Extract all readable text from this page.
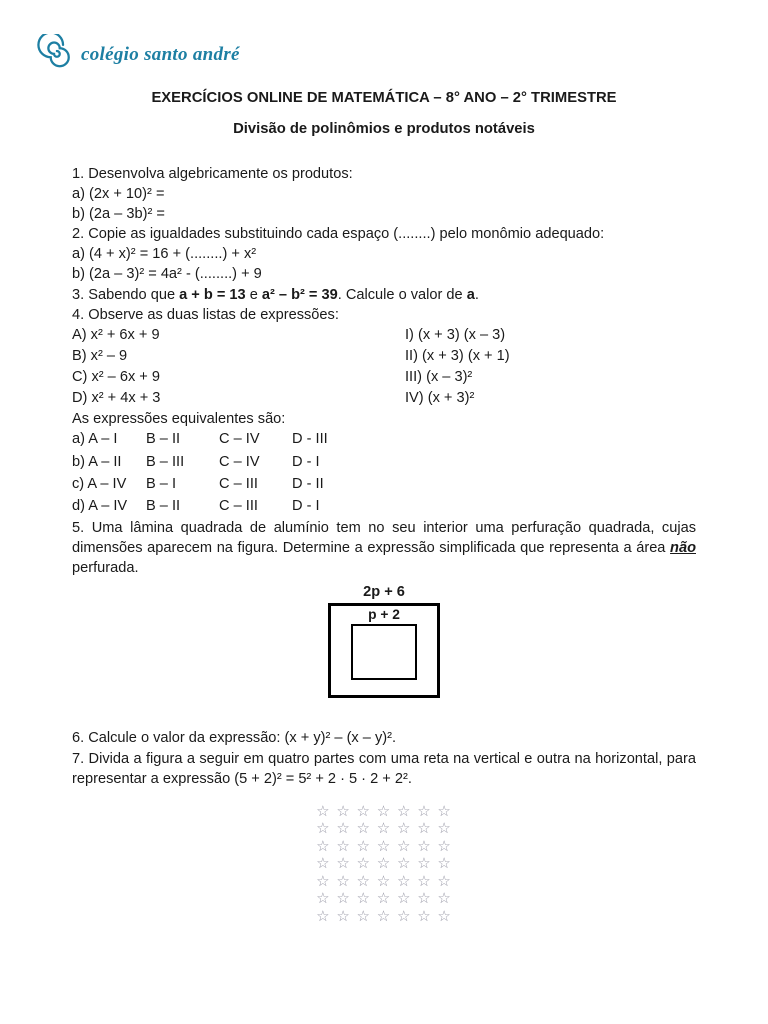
colégio santo andré
EXERCÍCIOS ONLINE DE MATEMÁTICA – 8° ANO – 2° TRIMESTRE
Divisão de polinômios e produtos notáveis

1. Desenvolva algebricamente os produtos:

a) (2x + 10)² =

b) (2a – 3b)² =

2. Copie as igualdades substituindo cada espaço (........) pelo monômio adequado:

a) (4 + x)² = 16 + (........) + x²

b) (2a – 3)² = 4a² - (........) + 9

3. Sabendo que a + b = 13 e a² – b² = 39. Calcule o valor de a.

4. Observe as duas listas de expressões:

A) x² + 6x + 9	I) (x + 3) (x – 3)
B) x² – 9	II) (x + 3) (x + 1)
C) x² – 6x + 9	III) (x – 3)²
D) x² + 4x + 3	IV) (x + 3)²

As expressões equivalentes são:

a) A – I	B – II	C – IV	D - III
b) A – II	B – III	C – IV	D - I
c) A – IV	B – I	C – III	D - II
d) A – IV	B – II	C – III	D - I

5. Uma lâmina quadrada de alumínio tem no seu interior uma perfuração quadrada, cujas dimensões aparecem na figura. Determine a expressão simplificada que representa a área não perfurada.

2p + 6
p + 2

6. Calcule o valor da expressão: (x + y)² – (x – y)².

7. Divida a figura a seguir em quatro partes com uma reta na vertical e outra na horizontal, para representar a expressão (5 + 2)² = 5² + 2 · 5 · 2 + 2².

☆ ☆ ☆ ☆ ☆ ☆ ☆
☆ ☆ ☆ ☆ ☆ ☆ ☆
☆ ☆ ☆ ☆ ☆ ☆ ☆
☆ ☆ ☆ ☆ ☆ ☆ ☆
☆ ☆ ☆ ☆ ☆ ☆ ☆
☆ ☆ ☆ ☆ ☆ ☆ ☆
☆ ☆ ☆ ☆ ☆ ☆ ☆
